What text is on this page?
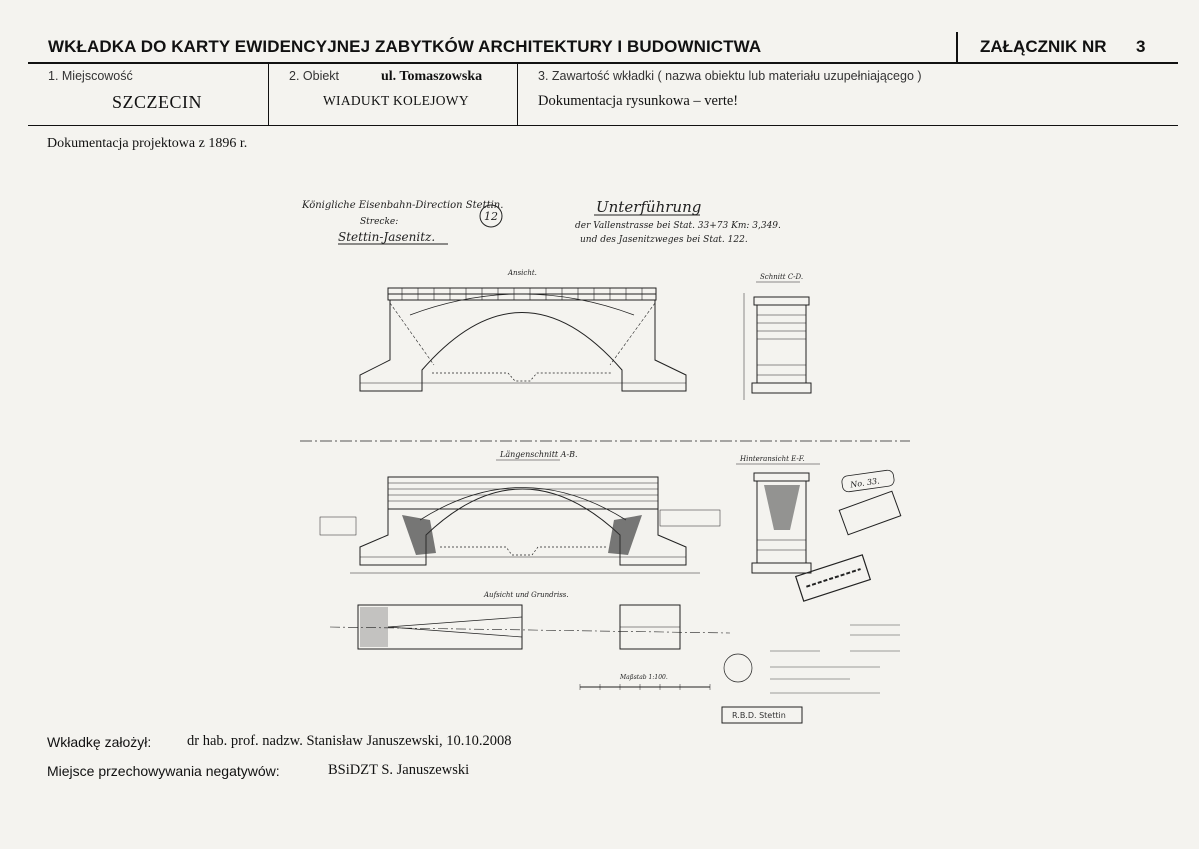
WKŁADKA DO KARTY EWIDENCYJNEJ ZABYTKÓW ARCHITEKTURY I BUDOWNICTWA	ZAŁĄCZNIK NR 3
1. Miejscowość
SZCZECIN
2. Obiekt	ul. Tomaszowska
WIADUKT KOLEJOWY
3. Zawartość wkładki ( nazwa obiektu lub materiału uzupełniającego )
Dokumentacja rysunkowa – verte!
Dokumentacja projektowa z 1896 r.
Königliche Eisenbahn-Direction Stettin.
Strecke:
Stettin-Jasenitz.
12
Unterführung
der Vallenstrasse bei Stat. 33+73 Km: 3,349.
und des Jasenitzweges bei Stat. 122.
Ansicht.	Schnitt C-D.
Längenschnitt A-B.	Hinteransicht E-F.
Aufsicht und Grundriss.
Maßstab 1:100.
No. 33.
R.B.D. Stettin
Wkładkę założył: dr hab. prof. nadzw. Stanisław Januszewski, 10.10.2008
Miejsce przechowywania negatywów:	BSiDZT S. Januszewski
